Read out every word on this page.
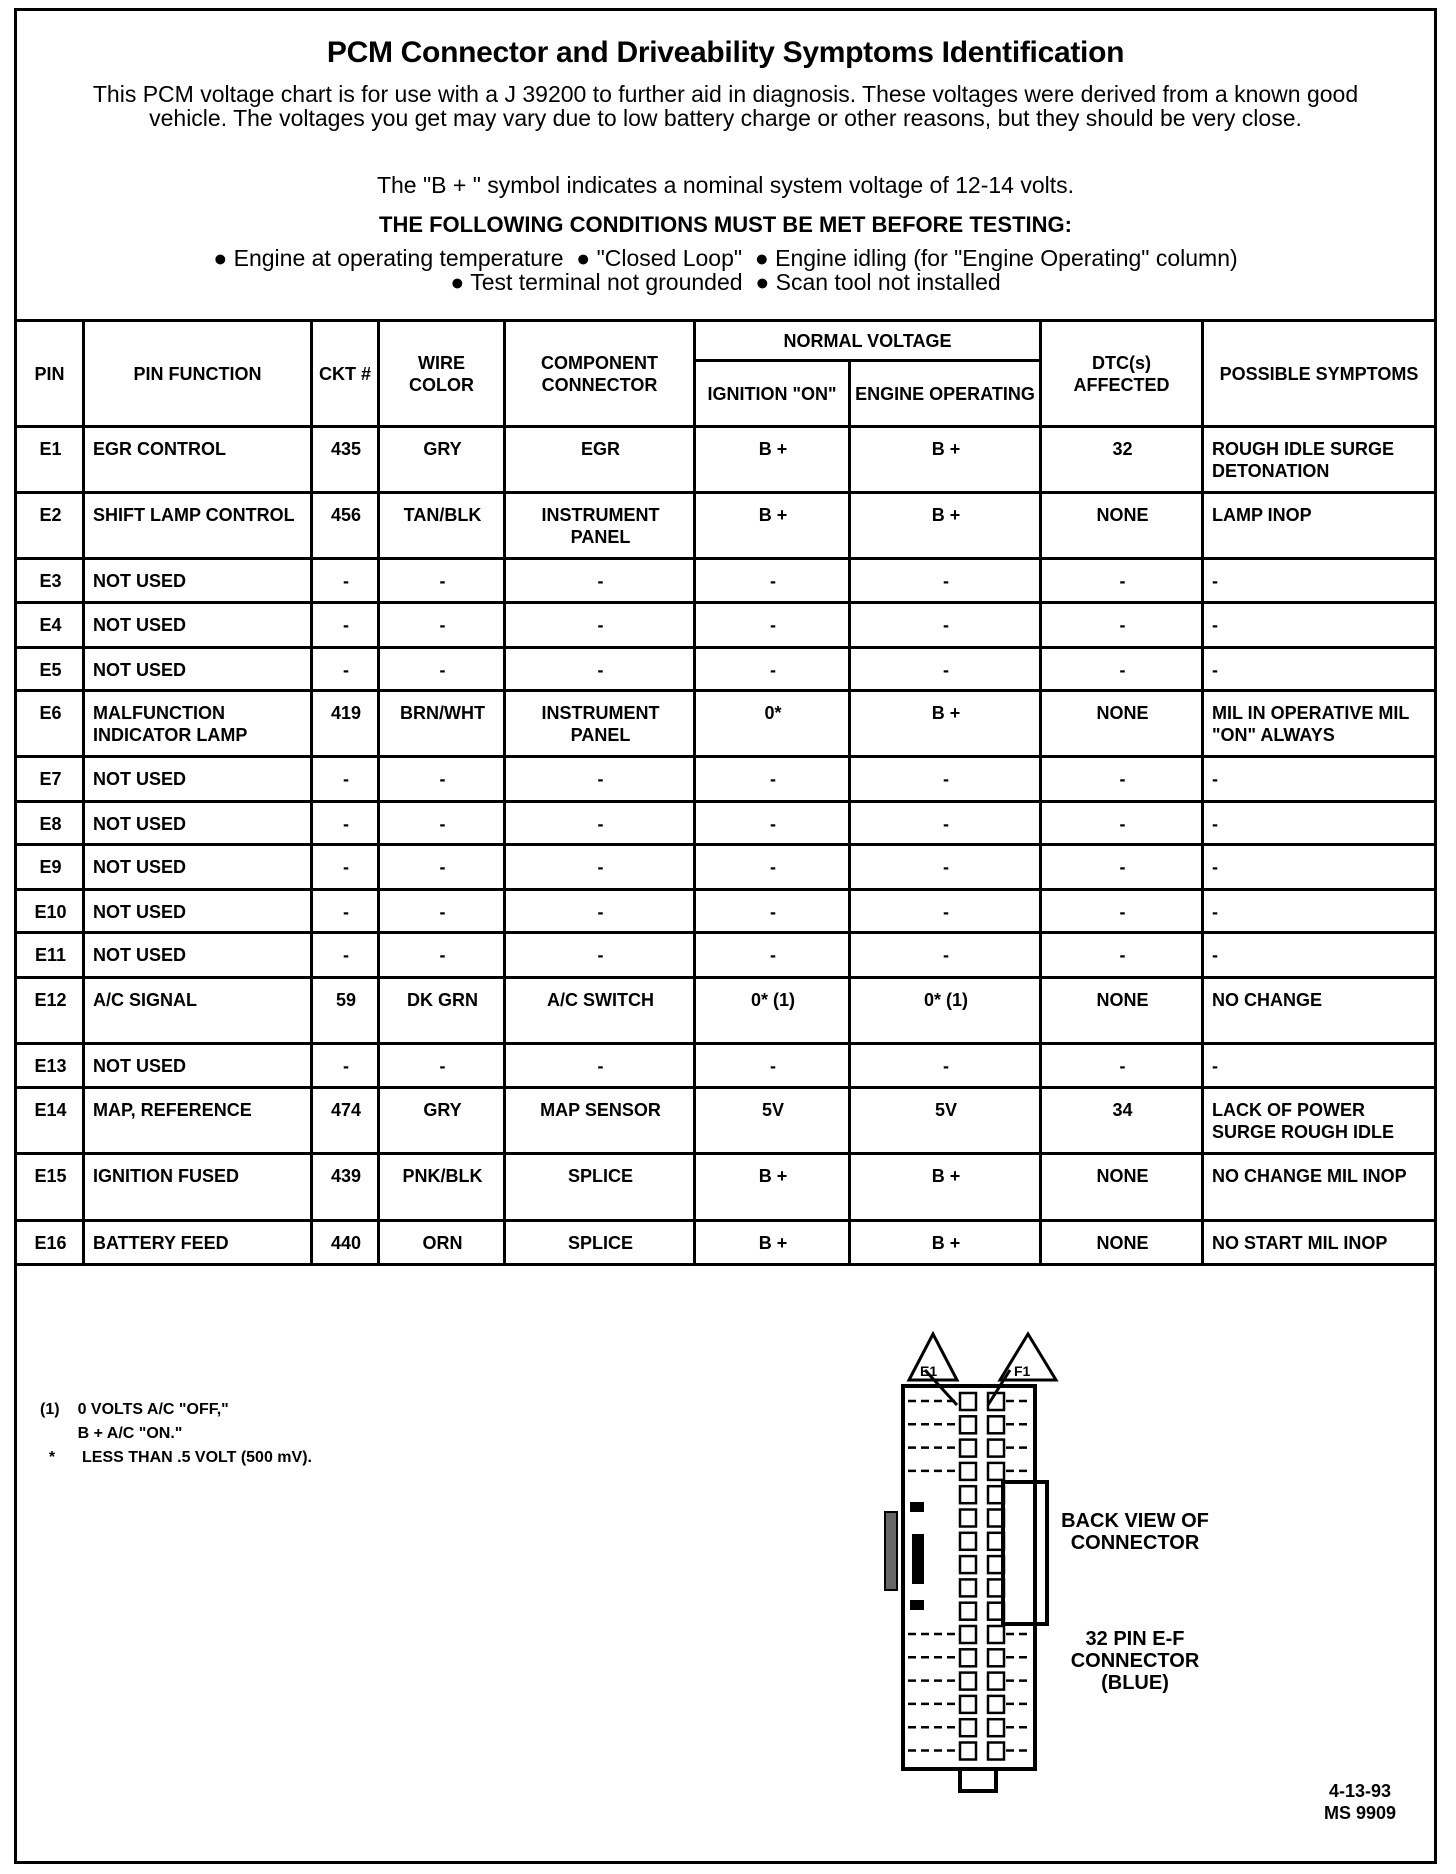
PCM Connector and Driveability Symptoms Identification
This PCM voltage chart is for use with a J 39200 to further aid in diagnosis. These voltages were derived from a known good vehicle. The voltages you get may vary due to low battery charge or other reasons, but they should be very close.
The "B + " symbol indicates a nominal system voltage of 12-14 volts.
THE FOLLOWING CONDITIONS MUST BE MET BEFORE TESTING:
● Engine at operating temperature  ● "Closed Loop"  ● Engine idling (for "Engine Operating" column)
● Test terminal not grounded  ● Scan tool not installed
PIN	PIN FUNCTION	CKT #	WIRE COLOR	COMPONENT CONNECTOR	NORMAL VOLTAGE		DTC(s) AFFECTED	POSSIBLE SYMPTOMS
					IGNITION "ON"	ENGINE OPERATING		
E1	EGR CONTROL	435	GRY	EGR	B +	B +	32	ROUGH IDLE SURGE DETONATION
E2	SHIFT LAMP CONTROL	456	TAN/BLK	INSTRUMENT PANEL	B +	B +	NONE	LAMP INOP
E3	NOT USED	-	-	-	-	-	-	-
E4	NOT USED	-	-	-	-	-	-	-
E5	NOT USED	-	-	-	-	-	-	-
E6	MALFUNCTION INDICATOR LAMP	419	BRN/WHT	INSTRUMENT PANEL	0*	B +	NONE	MIL IN OPERATIVE MIL "ON" ALWAYS
E7	NOT USED	-	-	-	-	-	-	-
E8	NOT USED	-	-	-	-	-	-	-
E9	NOT USED	-	-	-	-	-	-	-
E10	NOT USED	-	-	-	-	-	-	-
E11	NOT USED	-	-	-	-	-	-	-
E12	A/C SIGNAL	59	DK GRN	A/C SWITCH	0* (1)	0* (1)	NONE	NO CHANGE
E13	NOT USED	-	-	-	-	-	-	-
E14	MAP, REFERENCE	474	GRY	MAP SENSOR	5V	5V	34	LACK OF POWER SURGE ROUGH IDLE
E15	IGNITION FUSED	439	PNK/BLK	SPLICE	B +	B +	NONE	NO CHANGE MIL INOP
E16	BATTERY FEED	440	ORN	SPLICE	B +	B +	NONE	NO START MIL INOP
(1) 0 VOLTS A/C "OFF,"
B + A/C "ON."
*	LESS THAN .5 VOLT (500 mV).
E1	F1
BACK VIEW OF CONNECTOR
32 PIN E-F CONNECTOR (BLUE)
4-13-93
MS 9909
